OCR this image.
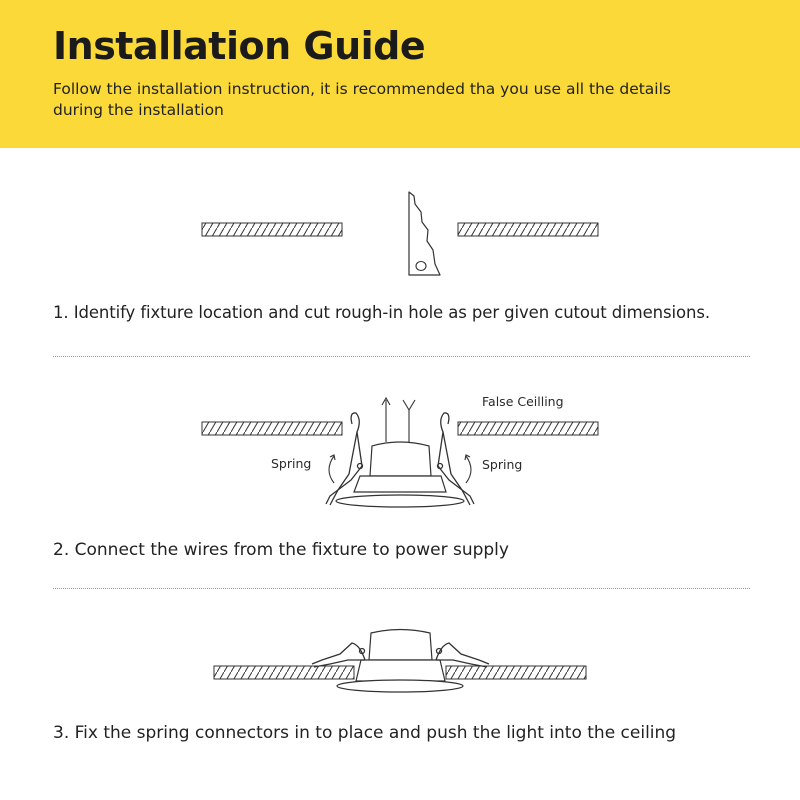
Installation Guide

Follow the installation instruction, it is recommended tha you use all the details during the installation

1. Identify fixture location and cut rough-in hole as per given cutout dimensions.

False Ceilling
Spring	Spring

2. Connect the wires from the fixture to power supply

3. Fix the spring connectors in to place and push the light into the ceiling
